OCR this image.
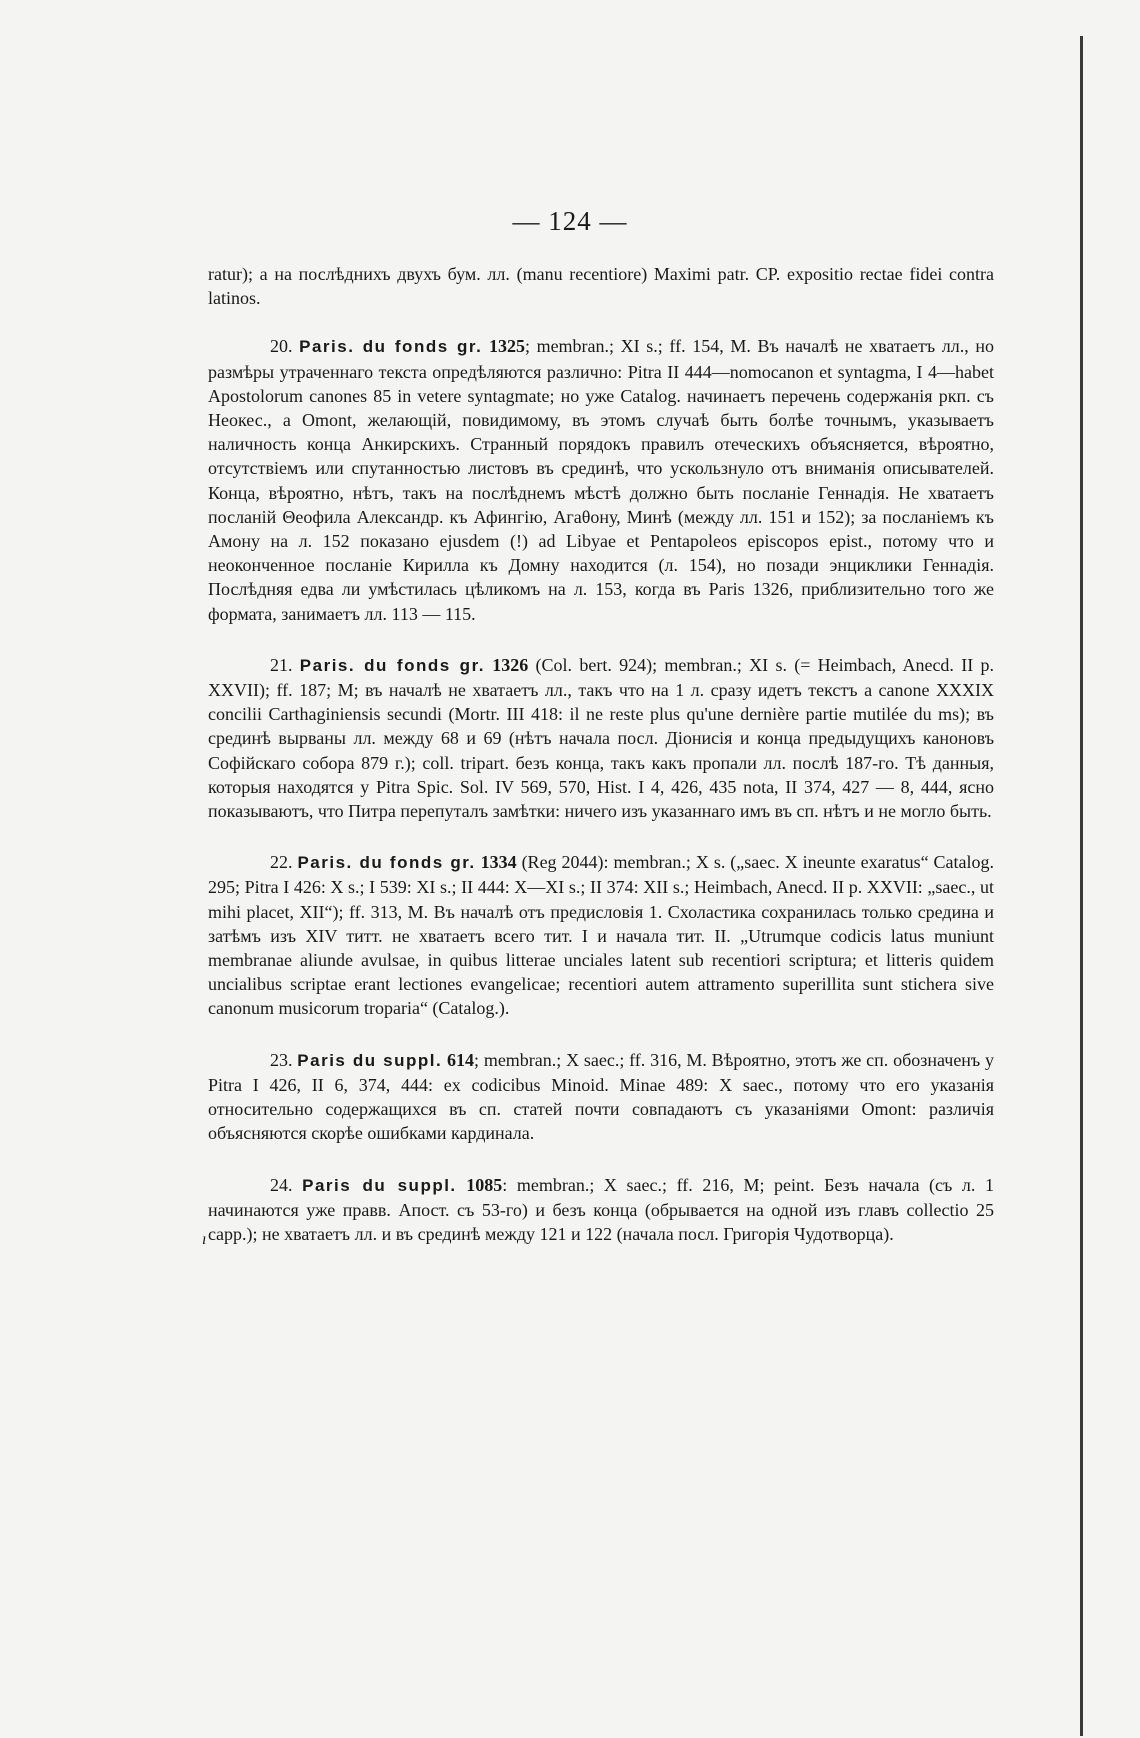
— 124 —

ratur); а на послѣднихъ двухъ бум. лл. (manu recentiore) Maximi patr. CP. expositio rectae fidei contra latinos.

20. Paris. du fonds gr. 1325; membran.; XI s.; ff. 154, M. Въ началѣ не хватаетъ лл., но размѣры утраченнаго текста опредѣляются различно: Pitra II 444—nomocanon et syntagma, I 4—habet Apostolorum canones 85 in vetere syntagmate; но уже Catalog. начинаетъ перечень содержанія ркп. съ Неокес., а Omont, желающій, повидимому, въ этомъ случаѣ быть болѣе точнымъ, указываетъ наличность конца Анкирскихъ. Странный порядокъ правилъ отеческихъ объясняется, вѣроятно, отсутствіемъ или спутанностью листовъ въ срединѣ, что ускользнуло отъ вниманія описывателей. Конца, вѣроятно, нѣтъ, такъ на послѣднемъ мѣстѣ должно быть посланіе Геннадія. Не хватаетъ посланій Θеофила Александр. къ Афингію, Агаθону, Минѣ (между лл. 151 и 152); за посланіемъ къ Амону на л. 152 показано ejusdem (!) ad Libyae et Pentapoleos episcopos epist., потому что и неоконченное посланіе Кирилла къ Домну находится (л. 154), но позади энциклики Геннадія. Послѣдняя едва ли умѣстилась цѣликомъ на л. 153, когда въ Paris 1326, приблизительно того же формата, занимаетъ лл. 113 — 115.

21. Paris. du fonds gr. 1326 (Col. bert. 924); membran.; XI s. (= Heimbach, Anecd. II p. XXVII); ff. 187; M; въ началѣ не хватаетъ лл., такъ что на 1 л. сразу идетъ текстъ a canone XXXIX concilii Carthaginiensis secundi (Mortr. III 418: il ne reste plus qu'une dernière partie mutilée du ms); въ срединѣ вырваны лл. между 68 и 69 (нѣтъ начала посл. Діонисія и конца предыдущихъ каноновъ Софійскаго собора 879 г.); coll. tripart. безъ конца, такъ какъ пропали лл. послѣ 187-го. Тѣ данныя, которыя находятся у Pitra Spic. Sol. IV 569, 570, Hist. I 4, 426, 435 nota, II 374, 427 — 8, 444, ясно показываютъ, что Питра перепуталъ замѣтки: ничего изъ указаннаго имъ въ сп. нѣтъ и не могло быть.

22. Paris. du fonds gr. 1334 (Reg 2044): membran.; X s. („saec. X ineunte exaratus“ Catalog. 295; Pitra I 426: X s.; I 539: XI s.; II 444: X—XI s.; II 374: XII s.; Heimbach, Anecd. II p. XXVII: „saec., ut mihi placet, XII“); ff. 313, M. Въ началѣ отъ предисловія 1. Схоластика сохранилась только средина и затѣмъ изъ XIV титт. не хватаетъ всего тит. I и начала тит. II. „Utrumque codicis latus muniunt membranae aliunde avulsae, in quibus litterae unciales latent sub recentiori scriptura; et litteris quidem uncialibus scriptae erant lectiones evangelicae; recentiori autem attramento superillita sunt stichera sive canonum musicorum troparia“ (Catalog.).

23. Paris du suppl. 614; membran.; X saec.; ff. 316, M. Вѣроятно, этотъ же сп. обозначенъ у Pitra I 426, II 6, 374, 444: ex codicibus Minoid. Minae 489: X saec., потому что его указанія относительно содержащихся въ сп. статей почти совпадаютъ съ указаніями Omont: различія объясняются скорѣе ошибками кардинала.

24. Paris du suppl. 1085: membran.; X saec.; ff. 216, M; peint. Безъ начала (съ л. 1 начинаются уже правв. Апост. съ 53-го) и безъ конца (обрывается на одной изъ главъ collectio 25 capp.); не хватаетъ лл. и въ срединѣ между 121 и 122 (начала посл. Григорія Чудотворца).

ı
